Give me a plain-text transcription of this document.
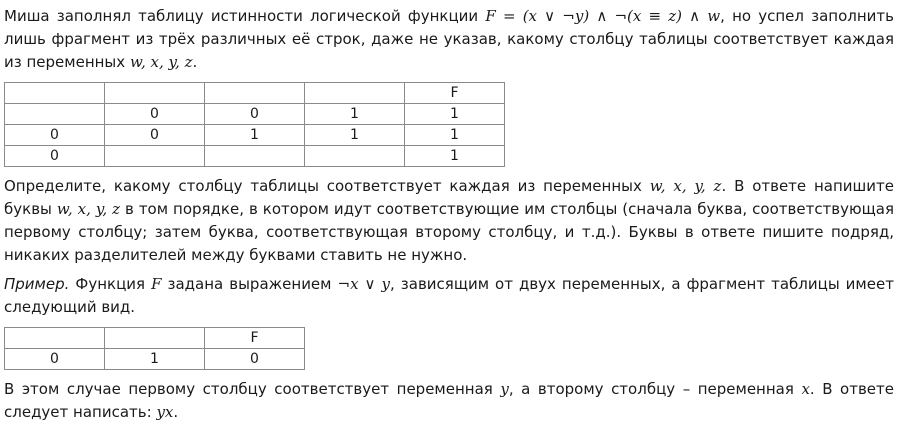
Миша заполнял таблицу истинности логической функции F = (x ∨ ¬y) ∧ ¬(x ≡ z) ∧ w, но успел заполнить лишь фрагмент из трёх различных её строк, даже не указав, какому столбцу таблицы соответствует каждая из переменных w, x, y, z.

				F
	0	0	1	1
0	0	1	1	1
0				1

Определите, какому столбцу таблицы соответствует каждая из переменных w, x, y, z. В ответе напишите буквы w, x, y, z в том порядке, в котором идут соответствующие им столбцы (сначала буква, соответствующая первому столбцу; затем буква, соответствующая второму столбцу, и т.д.). Буквы в ответе пишите подряд, никаких разделителей между буквами ставить не нужно.

Пример. Функция F задана выражением ¬x ∨ y, зависящим от двух переменных, а фрагмент таблицы имеет следующий вид.

		F
0	1	0

В этом случае первому столбцу соответствует переменная y, а второму столбцу – переменная x. В ответе следует написать: yx.
